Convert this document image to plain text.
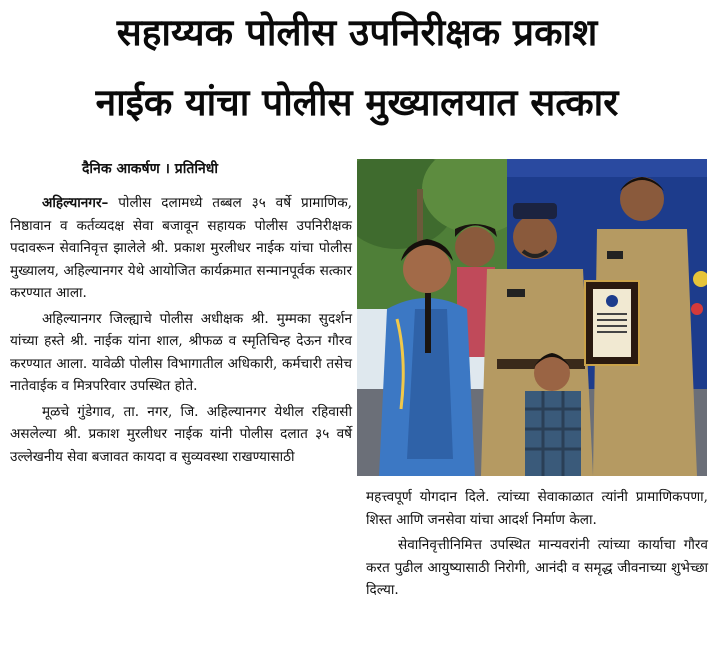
सहाय्यक पोलीस उपनिरीक्षक प्रकाश
नाईक यांचा पोलीस मुख्यालयात सत्कार
दैनिक आकर्षण । प्रतिनिधी

अहिल्यानगर– पोलीस दलामध्ये तब्बल ३५ वर्षे प्रामाणिक, निष्ठावान व कर्तव्यदक्ष सेवा बजावून सहायक पोलीस उपनिरीक्षक पदावरून सेवानिवृत्त झालेले श्री. प्रकाश मुरलीधर नाईक यांचा पोलीस मुख्यालय, अहिल्यानगर येथे आयोजित कार्यक्रमात सन्मानपूर्वक सत्कार करण्यात आला.

अहिल्यानगर जिल्ह्याचे पोलीस अधीक्षक श्री. मुम्मका सुदर्शन यांच्या हस्ते श्री. नाईक यांना शाल, श्रीफळ व स्मृतिचिन्ह देऊन गौरव करण्यात आला. यावेळी पोलीस विभागातील अधिकारी, कर्मचारी तसेच नातेवाईक व मित्रपरिवार उपस्थित होते.

मूळचे गुंडेगाव, ता. नगर, जि. अहिल्यानगर येथील रहिवासी असलेल्या श्री. प्रकाश मुरलीधर नाईक यांनी पोलीस दलात ३५ वर्षे उल्लेखनीय सेवा बजावत कायदा व सुव्यवस्था राखण्यासाठी

महत्त्वपूर्ण योगदान दिले. त्यांच्या सेवाकाळात त्यांनी प्रामाणिकपणा, शिस्त आणि जनसेवा यांचा आदर्श निर्माण केला.

सेवानिवृत्तीनिमित्त उपस्थित मान्यवरांनी त्यांच्या कार्याचा गौरव करत पुढील आयुष्यासाठी निरोगी, आनंदी व समृद्ध जीवनाच्या शुभेच्छा दिल्या.
